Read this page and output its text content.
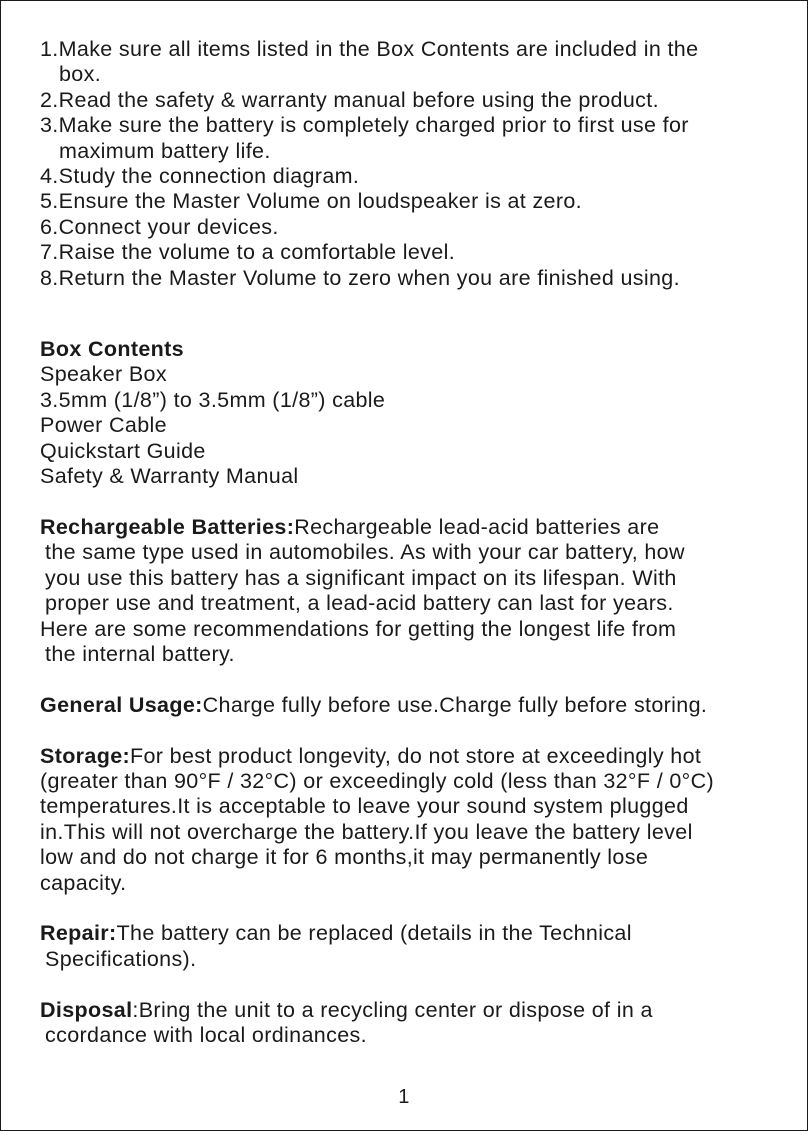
1.Make sure all items listed in the Box Contents are included in the
box.
2.Read the safety & warranty manual before using the product.
3.Make sure the battery is completely charged prior to first use for
maximum battery life.
4.Study the connection diagram.
5.Ensure the Master Volume on loudspeaker is at zero.
6.Connect your devices.
7.Raise the volume to a comfortable level.
8.Return the Master Volume to zero when you are finished using.
Box Contents
Speaker Box
3.5mm (1/8”) to 3.5mm (1/8”) cable
Power Cable
Quickstart Guide
Safety & Warranty Manual
Rechargeable Batteries:Rechargeable lead-acid batteries are
the same type used in automobiles. As with your car battery, how
you use this battery has a significant impact on its lifespan. With
proper use and treatment, a lead-acid battery can last for years.
Here are some recommendations for getting the longest life from
the internal battery.
General Usage:Charge fully before use.Charge fully before storing.
Storage:For best product longevity, do not store at exceedingly hot
(greater than 90°F / 32°C) or exceedingly cold (less than 32°F / 0°C)
temperatures.It is acceptable to leave your sound system plugged
in.This will not overcharge the battery.If you leave the battery level
low and do not charge it for 6 months,it may permanently lose
capacity.
Repair:The battery can be replaced (details in the Technical
Specifications).
Disposal:Bring the unit to a recycling center or dispose of in a
ccordance with local ordinances.
1
